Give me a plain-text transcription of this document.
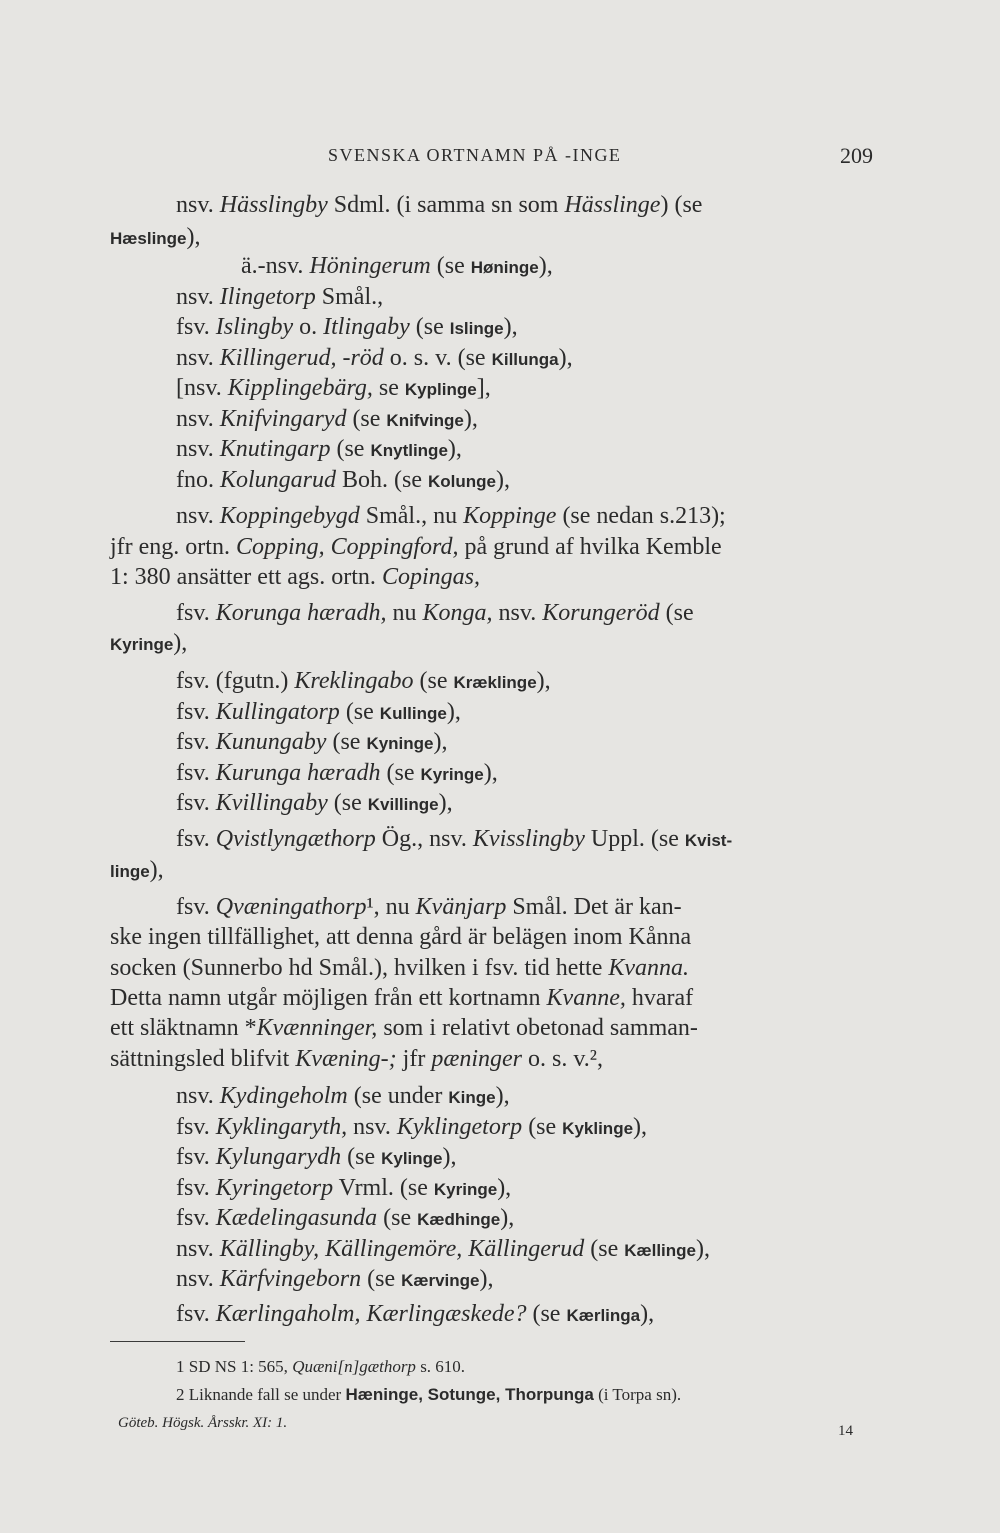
SVENSKA ORTNAMN PÅ -INGE	209
nsv. Hässlingby Sdml. (i samma sn som Hässlinge) (se
Hæslinge),
ä.-nsv. Höningerum (se Høninge),
nsv. Ilingetorp Smål.,
fsv. Islingby o. Itlingaby (se Islinge),
nsv. Killingerud, -röd o. s. v. (se Killunga),
[nsv. Kipplingebärg, se Kyplinge],
nsv. Knifvingaryd (se Knifvinge),
nsv. Knutingarp (se Knytlinge),
fno. Kolungarud Boh. (se Kolunge),
nsv. Koppingebygd Smål., nu Koppinge (se nedan s.213);
jfr eng. ortn. Copping, Coppingford, på grund af hvilka Kemble
1: 380 ansätter ett ags. ortn. Copingas,
fsv. Korunga hæradh, nu Konga, nsv. Korungeröd (se
Kyringe),
fsv. (fgutn.) Kreklingabo (se Kræklinge),
fsv. Kullingatorp (se Kullinge),
fsv. Kunungaby (se Kyninge),
fsv. Kurunga hæradh (se Kyringe),
fsv. Kvillingaby (se Kvillinge),
fsv. Qvistlyngæthorp Ög., nsv. Kvisslingby Uppl. (se Kvist-
linge),
fsv. Qvæningathorp¹, nu Kvänjarp Smål. Det är kan-
ske ingen tillfällighet, att denna gård är belägen inom Kånna
socken (Sunnerbo hd Smål.), hvilken i fsv. tid hette Kvanna.
Detta namn utgår möjligen från ett kortnamn Kvanne, hvaraf
ett släktnamn *Kvænninger, som i relativt obetonad samman-
sättningsled blifvit Kvæning-; jfr pæninger o. s. v.²,
nsv. Kydingeholm (se under Kinge),
fsv. Kyklingaryth, nsv. Kyklingetorp (se Kyklinge),
fsv. Kylungarydh (se Kylinge),
fsv. Kyringetorp Vrml. (se Kyringe),
fsv. Kædelingasunda (se Kædhinge),
nsv. Källingby, Källingemöre, Källingerud (se Kællinge),
nsv. Kärfvingeborn (se Kærvinge),
fsv. Kærlingaholm, Kærlingæskede? (se Kærlinga),
1 SD NS 1: 565, Quæni[n]gæthorp s. 610.
2 Liknande fall se under Hæninge, Sotunge, Thorpunga (i Torpa sn).
Göteb. Högsk. Årsskr. XI: 1.	14
